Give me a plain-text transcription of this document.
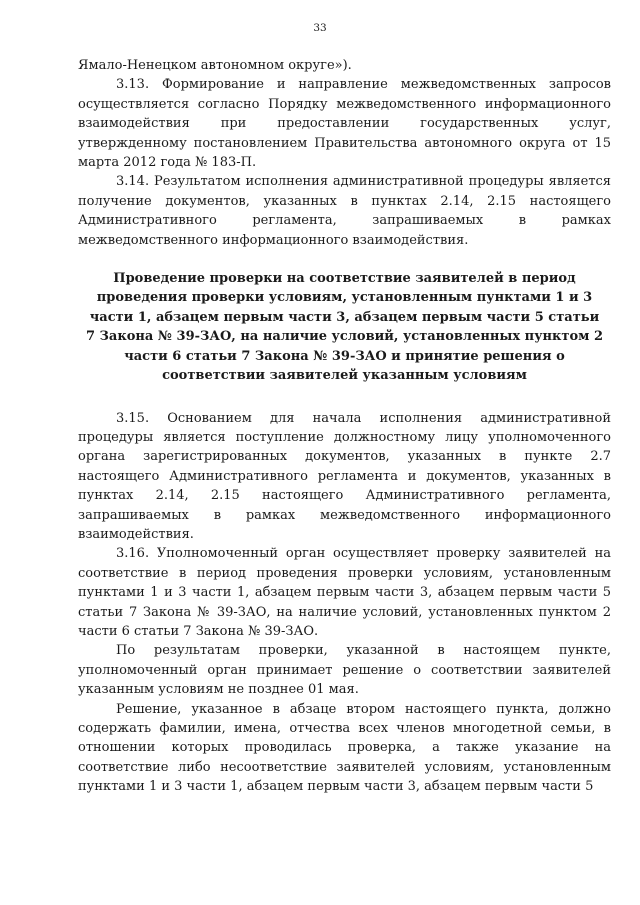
33

Ямало-Ненецком автономном округе»).

3.13. Формирование и направление межведомственных запросов осуществляется согласно Порядку межведомственного информационного взаимодействия при предоставлении государственных услуг, утвержденному постановлением Правительства автономного округа от 15 марта 2012 года № 183-П.

3.14. Результатом исполнения административной процедуры является получение документов, указанных в пунктах 2.14, 2.15 настоящего Административного регламента, запрашиваемых в рамках межведомственного информационного взаимодействия.

Проведение проверки на соответствие заявителей в период проведения проверки условиям, установленным пунктами 1 и 3 части 1, абзацем первым части 3, абзацем первым части 5 статьи 7 Закона № 39-ЗАО, на наличие условий, установленных пунктом 2 части 6 статьи 7 Закона № 39-ЗАО и принятие решения о соответствии заявителей указанным условиям

3.15. Основанием для начала исполнения административной процедуры является поступление должностному лицу уполномоченного органа зарегистрированных документов, указанных в пункте 2.7 настоящего Административного регламента и документов, указанных в пунктах 2.14, 2.15 настоящего Административного регламента, запрашиваемых в рамках межведомственного информационного взаимодействия.

3.16. Уполномоченный орган осуществляет проверку заявителей на соответствие в период проведения проверки условиям, установленным пунктами 1 и 3 части 1, абзацем первым части 3, абзацем первым части 5 статьи 7 Закона № 39-ЗАО, на наличие условий, установленных пунктом 2 части 6 статьи 7 Закона № 39-ЗАО.

По результатам проверки, указанной в настоящем пункте, уполномоченный орган принимает решение о соответствии заявителей указанным условиям не позднее 01 мая.

Решение, указанное в абзаце втором настоящего пункта, должно содержать фамилии, имена, отчества всех членов многодетной семьи, в отношении которых проводилась проверка, а также указание на соответствие либо несоответствие заявителей условиям, установленным пунктами 1 и 3 части 1, абзацем первым части 3, абзацем первым части 5
